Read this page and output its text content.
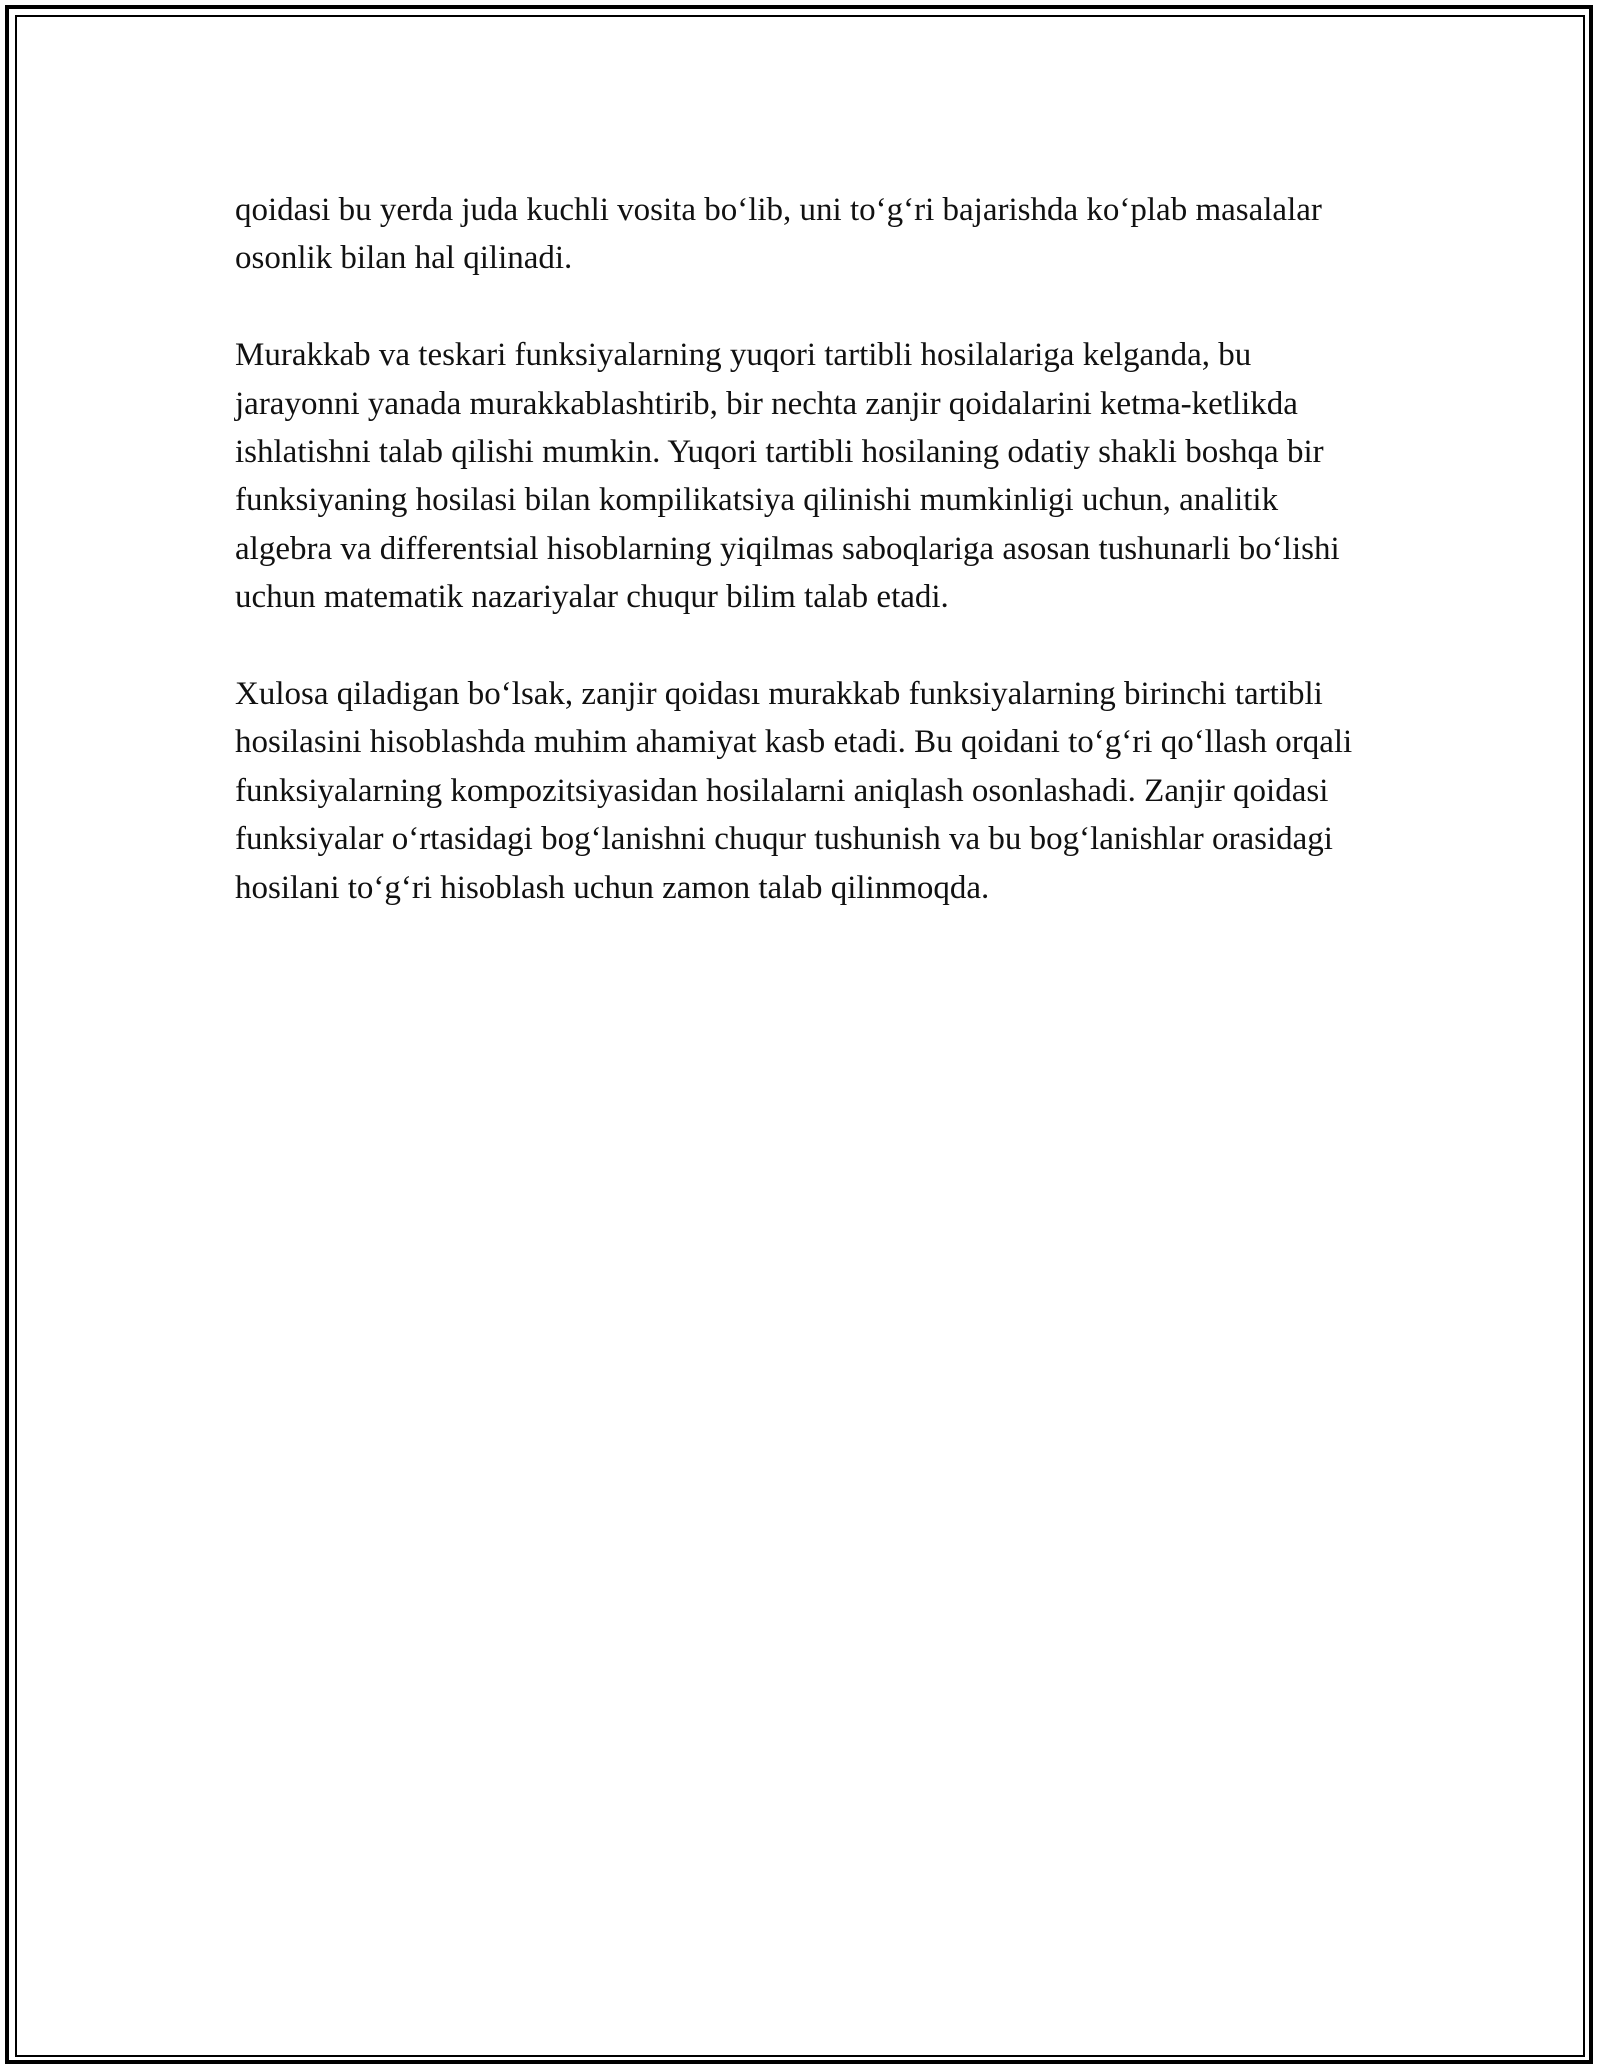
qoidasi bu yerda juda kuchli vosita bo‘lib, uni to‘g‘ri bajarishda ko‘plab masalalar osonlik bilan hal qilinadi.

Murakkab va teskari funksiyalarning yuqori tartibli hosilalariga kelganda, bu jarayonni yanada murakkablashtirib, bir nechta zanjir qoidalarini ketma-ketlikda ishlatishni talab qilishi mumkin. Yuqori tartibli hosilaning odatiy shakli boshqa bir funksiyaning hosilasi bilan kompilikatsiya qilinishi mumkinligi uchun, analitik algebra va differentsial hisoblarning yiqilmas saboqlariga asosan tushunarli bo‘lishi uchun matematik nazariyalar chuqur bilim talab etadi.

Xulosa qiladigan bo‘lsak, zanjir qoidası murakkab funksiyalarning birinchi tartibli hosilasini hisoblashda muhim ahamiyat kasb etadi. Bu qoidani to‘g‘ri qo‘llash orqali funksiyalarning kompozitsiyasidan hosilalarni aniqlash osonlashadi. Zanjir qoidasi funksiyalar o‘rtasidagi bog‘lanishni chuqur tushunish va bu bog‘lanishlar orasidagi hosilani to‘g‘ri hisoblash uchun zamon talab qilinmoqda.
